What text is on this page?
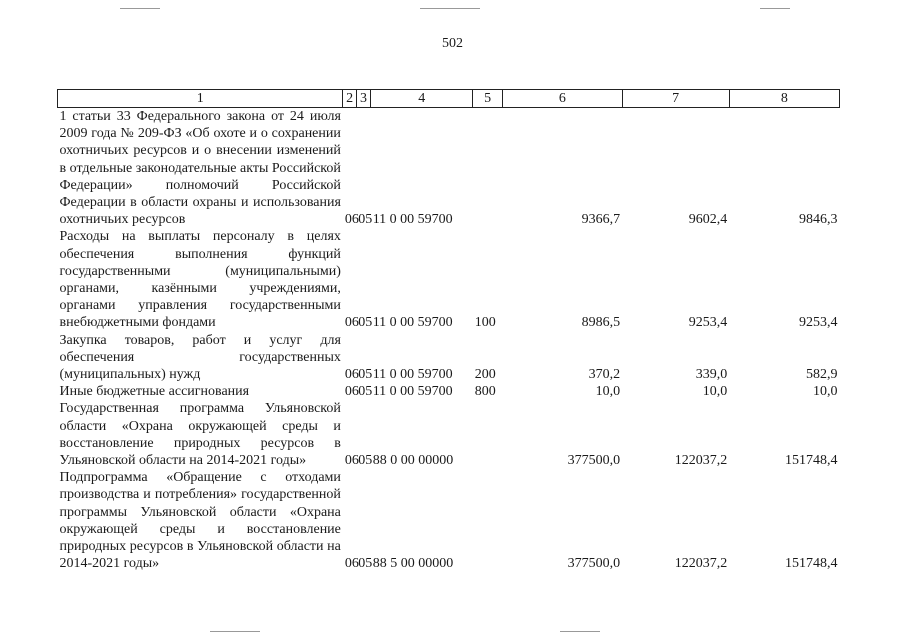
502
1	2	3	4	5	6	7	8
1 статьи 33 Федерального закона от 24 июля 2009 года № 209-ФЗ «Об охоте и о сохранении охотничьих ресурсов и о внесении изменений в отдельные законодательные акты Российской Федерации» полномочий Российской Федерации в области охраны и использования охотничьих ресурсов	06	05	11 0 00 59700		9366,7	9602,4	9846,3
Расходы на выплаты персоналу в целях обеспечения выполнения функций государственными (муниципальными) органами, казёнными учреждениями, органами управления государственными внебюджетными фондами	06	05	11 0 00 59700	100	8986,5	9253,4	9253,4
Закупка товаров, работ и услуг для обеспечения государственных (муниципальных) нужд	06	05	11 0 00 59700	200	370,2	339,0	582,9
Иные бюджетные ассигнования	06	05	11 0 00 59700	800	10,0	10,0	10,0
Государственная программа Ульяновской области «Охрана окружающей среды и восстановление природных ресурсов в Ульяновской области на 2014-2021 годы»	06	05	88 0 00 00000		377500,0	122037,2	151748,4
Подпрограмма «Обращение с отходами производства и потребления» государственной программы Ульяновской области «Охрана окружающей среды и восстановление природных ресурсов в Ульяновской области на 2014-2021 годы»	06	05	88 5 00 00000		377500,0	122037,2	151748,4
